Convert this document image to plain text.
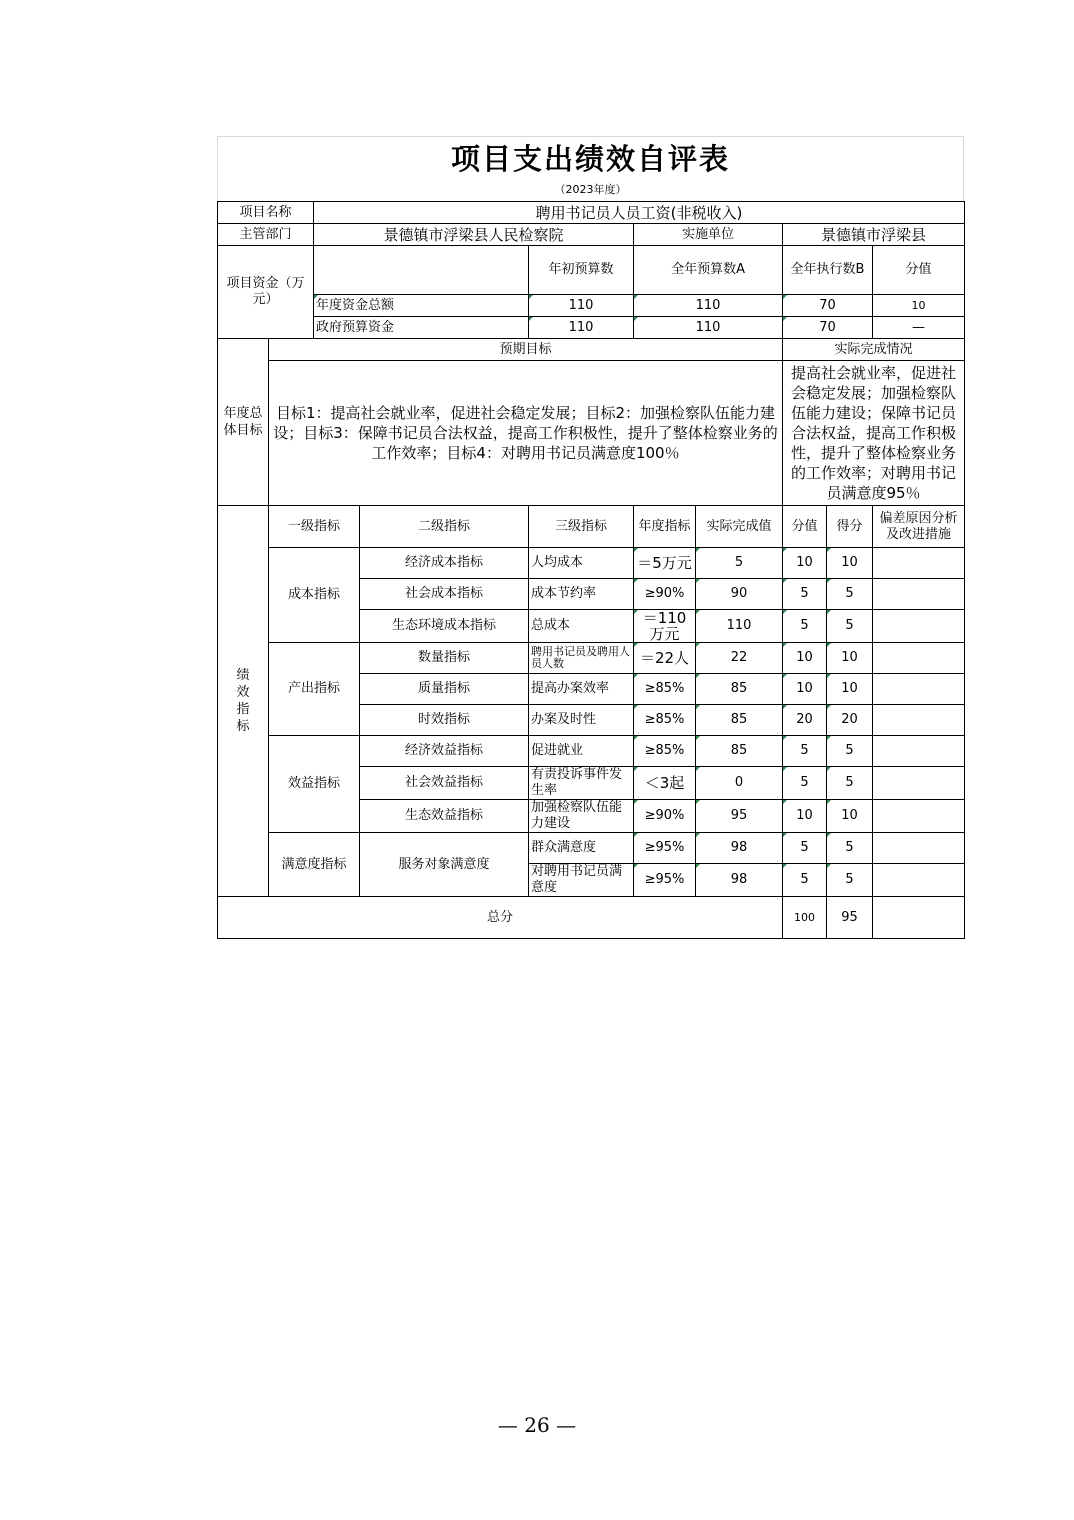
项目支出绩效自评表
（2023年度）
项目名称		聘用书记员人员工资(非税收入)								
主管部门		景德镇市浮梁县人民检察院			实施单位		景德镇市浮梁县			
项目资金（万元）				年初预算数	全年预算数A		全年执行数B		分值		
		年度资金总额		110	110		70		10		
		政府预算资金		110	110		70		—		
年度总体目标	预期目标						实际完成情况			
	目标1：提高社会就业率，促进社会稳定发展；目标2：加强检察队伍能力建设；目标3：保障书记员合法权益，提高工作积极性，提升了整体检察业务的工作效率；目标4：对聘用书记员满意度100％						提高社会就业率，促进社会稳定发展；加强检察队伍能力建设；保障书记员合法权益，提高工作积极性，提升了整体检察业务的工作效率；对聘用书记员满意度95％			
绩效指标	一级指标		二级指标	三级指标	年度指标	实际完成值	分值	得分	偏差原因分析及改进措施	
	成本指标		经济成本指标	人均成本	＝5万元	5	10	10		
			社会成本指标	成本节约率	≥90%	90	5	5		
			生态环境成本指标	总成本	＝110万元	110	5	5		
	产出指标		数量指标	聘用书记员及聘用人员人数	＝22人	22	10	10		
			质量指标	提高办案效率	≥85%	85	10	10		
			时效指标	办案及时性	≥85%	85	20	20		
	效益指标		经济效益指标	促进就业	≥85%	85	5	5		
			社会效益指标	有责投诉事件发生率	＜3起	0	5	5		
			生态效益指标	加强检察队伍能力建设	≥90%	95	10	10		
	满意度指标		服务对象满意度	群众满意度	≥95%	98	5	5		
				对聘用书记员满意度	≥95%	98	5	5		
总分							100	95		
— 26 —
